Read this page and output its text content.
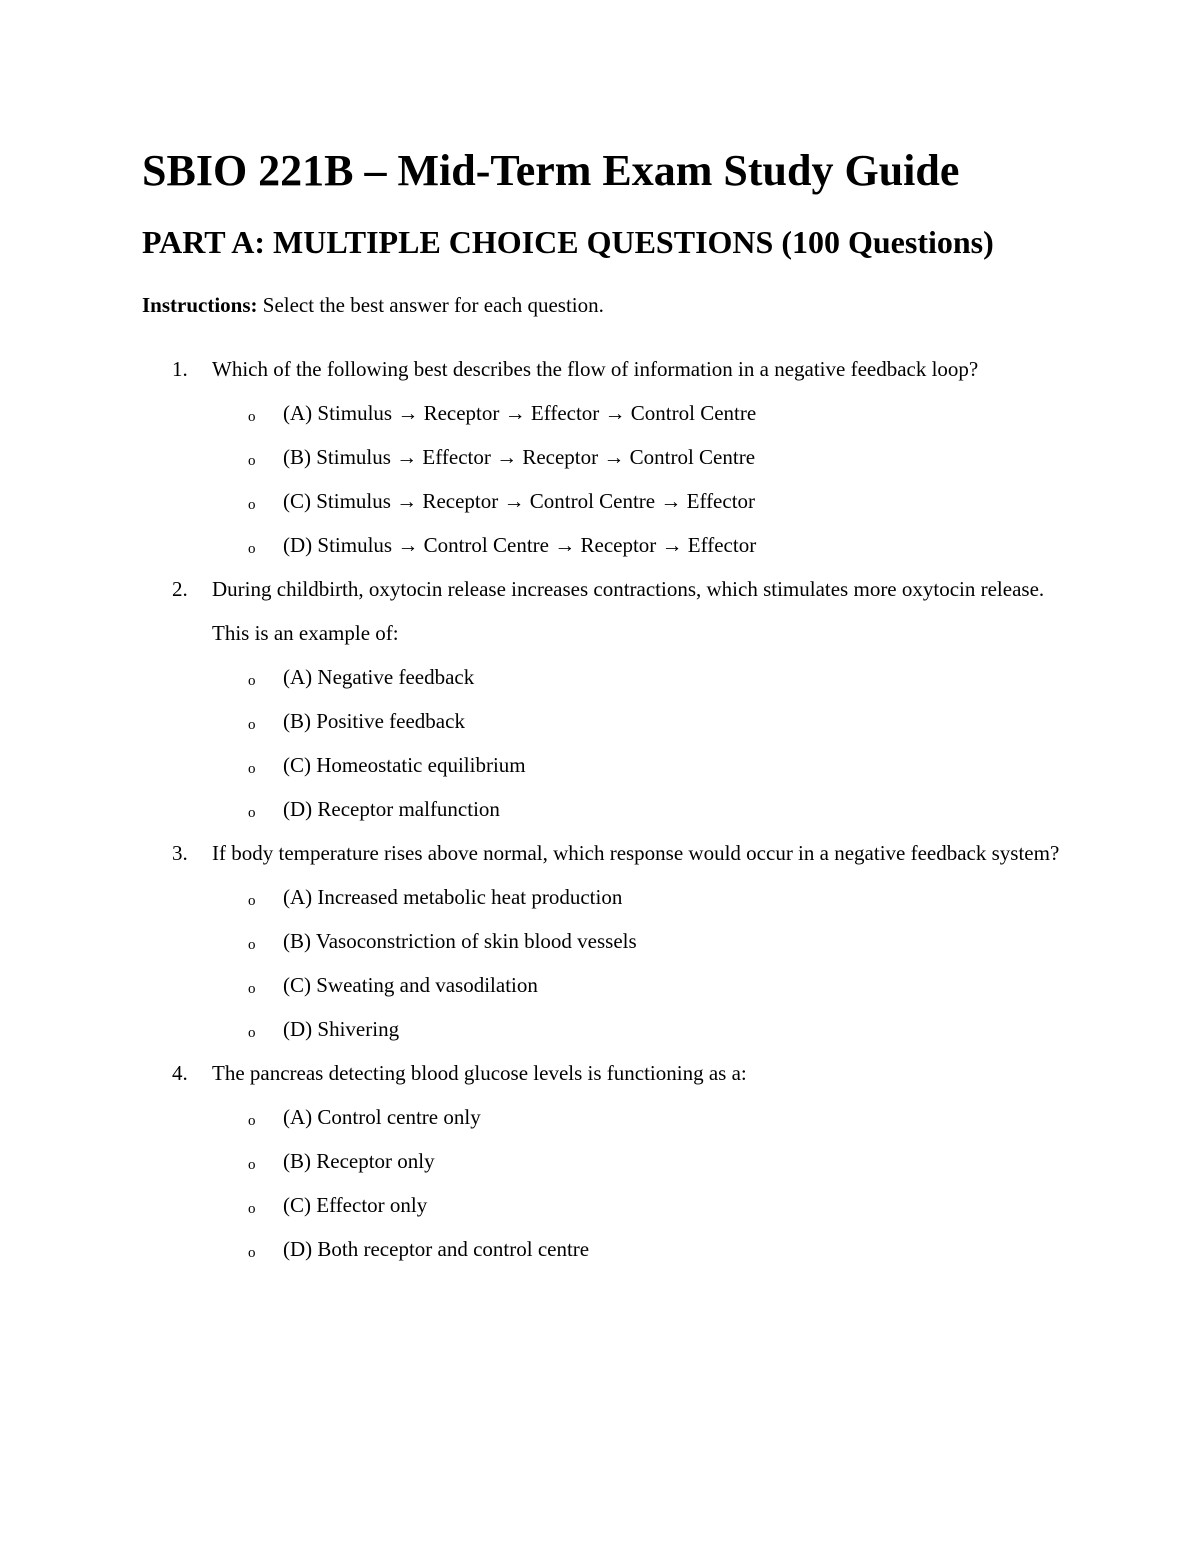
SBIO 221B – Mid-Term Exam Study Guide
PART A: MULTIPLE CHOICE QUESTIONS (100 Questions)

Instructions: Select the best answer for each question.

1. Which of the following best describes the flow of information in a negative feedback loop?
o (A) Stimulus → Receptor → Effector → Control Centre
o (B) Stimulus → Effector → Receptor → Control Centre
o (C) Stimulus → Receptor → Control Centre → Effector
o (D) Stimulus → Control Centre → Receptor → Effector
2. During childbirth, oxytocin release increases contractions, which stimulates more oxytocin release. This is an example of:
o (A) Negative feedback
o (B) Positive feedback
o (C) Homeostatic equilibrium
o (D) Receptor malfunction
3. If body temperature rises above normal, which response would occur in a negative feedback system?
o (A) Increased metabolic heat production
o (B) Vasoconstriction of skin blood vessels
o (C) Sweating and vasodilation
o (D) Shivering
4. The pancreas detecting blood glucose levels is functioning as a:
o (A) Control centre only
o (B) Receptor only
o (C) Effector only
o (D) Both receptor and control centre
